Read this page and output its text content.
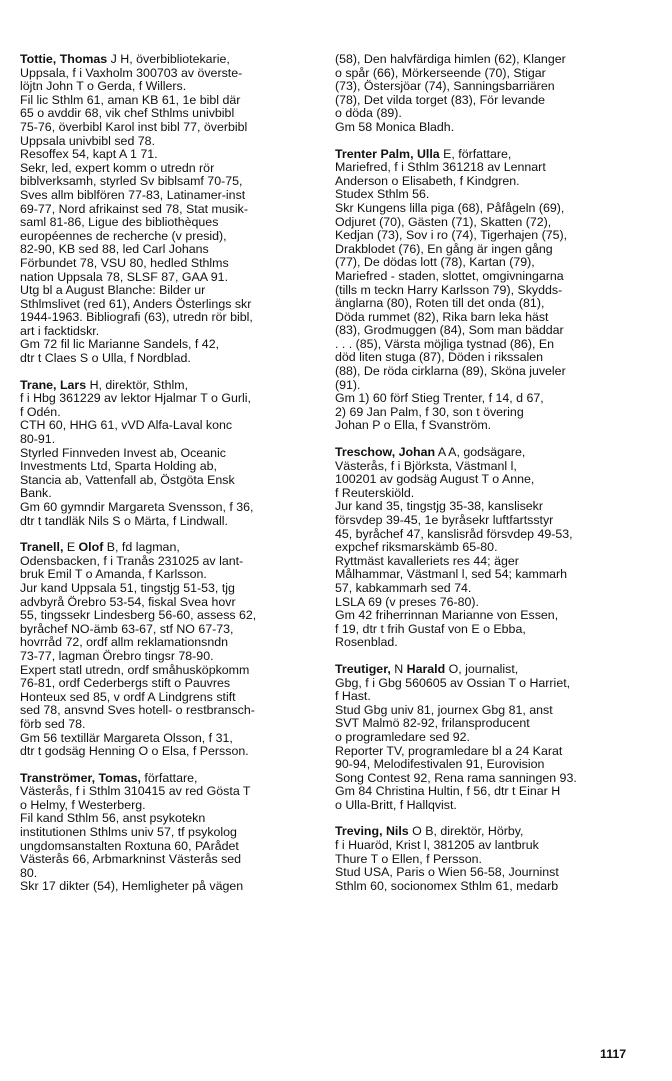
Tottie, Thomas J H, överbibliotekarie,
Uppsala, f i Vaxholm 300703 av överste-
löjtn John T o Gerda, f Willers.
Fil lic Sthlm 61, aman KB 61, 1e bibl där
65 o avddir 68, vik chef Sthlms univbibl
75-76, överbibl Karol inst bibl 77, överbibl
Uppsala univbibl sed 78.
Resoffex 54, kapt A 1 71.
Sekr, led, expert komm o utredn rör
biblverksamh, styrled Sv biblsamf 70-75,
Sves allm biblfören 77-83, Latinamer-inst
69-77, Nord afrikainst sed 78, Stat musik-
saml 81-86, Ligue des bibliothèques
européennes de recherche (v presid),
82-90, KB sed 88, led Carl Johans
Förbundet 78, VSU 80, hedled Sthlms
nation Uppsala 78, SLSF 87, GAA 91.
Utg bl a August Blanche: Bilder ur
Sthlmslivet (red 61), Anders Österlings skr
1944-1963. Bibliografi (63), utredn rör bibl,
art i facktidskr.
Gm 72 fil lic Marianne Sandels, f 42,
dtr t Claes S o Ulla, f Nordblad.
Trane, Lars H, direktör, Sthlm,
f i Hbg 361229 av lektor Hjalmar T o Gurli,
f Odén.
CTH 60, HHG 61, vVD Alfa-Laval konc
80-91.
Styrled Finnveden Invest ab, Oceanic
Investments Ltd, Sparta Holding ab,
Stancia ab, Vattenfall ab, Östgöta Ensk
Bank.
Gm 60 gymndir Margareta Svensson, f 36,
dtr t tandläk Nils S o Märta, f Lindwall.
Tranell, E Olof B, fd lagman,
Odensbacken, f i Tranås 231025 av lant-
bruk Emil T o Amanda, f Karlsson.
Jur kand Uppsala 51, tingstjg 51-53, tjg
advbyrå Örebro 53-54, fiskal Svea hovr
55, tingssekr Lindesberg 56-60, assess 62,
byråchef NO-ämb 63-67, stf NO 67-73,
hovrråd 72, ordf allm reklamationsndn
73-77, lagman Örebro tingsr 78-90.
Expert statl utredn, ordf småhusköpkomm
76-81, ordf Cederbergs stift o Pauvres
Honteux sed 85, v ordf A Lindgrens stift
sed 78, ansvnd Sves hotell- o restbransch-
förb sed 78.
Gm 56 textillär Margareta Olsson, f 31,
dtr t godsäg Henning O o Elsa, f Persson.
Tranströmer, Tomas, författare,
Västerås, f i Sthlm 310415 av red Gösta T
o Helmy, f Westerberg.
Fil kand Sthlm 56, anst psykotekn
institutionen Sthlms univ 57, tf psykolog
ungdomsanstalten Roxtuna 60, PArådet
Västerås 66, Arbmarkninst Västerås sed
80.
Skr 17 dikter (54), Hemligheter på vägen
(58), Den halvfärdiga himlen (62), Klanger
o spår (66), Mörkerseende (70), Stigar
(73), Östersjöar (74), Sanningsbarriären
(78), Det vilda torget (83), För levande
o döda (89).
Gm 58 Monica Bladh.
Trenter Palm, Ulla E, författare,
Mariefred, f i Sthlm 361218 av Lennart
Anderson o Elisabeth, f Kindgren.
Studex Sthlm 56.
Skr Kungens lilla piga (68), Påfågeln (69),
Odjuret (70), Gästen (71), Skatten (72),
Kedjan (73), Sov i ro (74), Tigerhajen (75),
Drakblodet (76), En gång är ingen gång
(77), De dödas lott (78), Kartan (79),
Mariefred - staden, slottet, omgivningarna
(tills m teckn Harry Karlsson 79), Skydds-
änglarna (80), Roten till det onda (81),
Döda rummet (82), Rika barn leka häst
(83), Grodmuggen (84), Som man bäddar
. . . (85), Värsta möjliga tystnad (86), En
död liten stuga (87), Döden i rikssalen
(88), De röda cirklarna (89), Sköna juveler
(91).
Gm 1) 60 förf Stieg Trenter, f 14, d 67,
2) 69 Jan Palm, f 30, son t övering
Johan P o Ella, f Svanström.
Treschow, Johan A A, godsägare,
Västerås, f i Björksta, Västmanl l,
100201 av godsäg August T o Anne,
f Reuterskiöld.
Jur kand 35, tingstjg 35-38, kanslisekr
försvdep 39-45, 1e byråsekr luftfartsstyr
45, byråchef 47, kanslisråd försvdep 49-53,
expchef riksmarskämb 65-80.
Ryttmäst kavalleriets res 44; äger
Målhammar, Västmanl l, sed 54; kammarh
57, kabkammarh sed 74.
LSLA 69 (v preses 76-80).
Gm 42 friherrinnan Marianne von Essen,
f 19, dtr t frih Gustaf von E o Ebba,
Rosenblad.
Treutiger, N Harald O, journalist,
Gbg, f i Gbg 560605 av Ossian T o Harriet,
f Hast.
Stud Gbg univ 81, journex Gbg 81, anst
SVT Malmö 82-92, frilansproducent
o programledare sed 92.
Reporter TV, programledare bl a 24 Karat
90-94, Melodifestivalen 91, Eurovision
Song Contest 92, Rena rama sanningen 93.
Gm 84 Christina Hultin, f 56, dtr t Einar H
o Ulla-Britt, f Hallqvist.
Treving, Nils O B, direktör, Hörby,
f i Huaröd, Krist l, 381205 av lantbruk
Thure T o Ellen, f Persson.
Stud USA, Paris o Wien 56-58, Journinst
Sthlm 60, socionomex Sthlm 61, medarb
1117
